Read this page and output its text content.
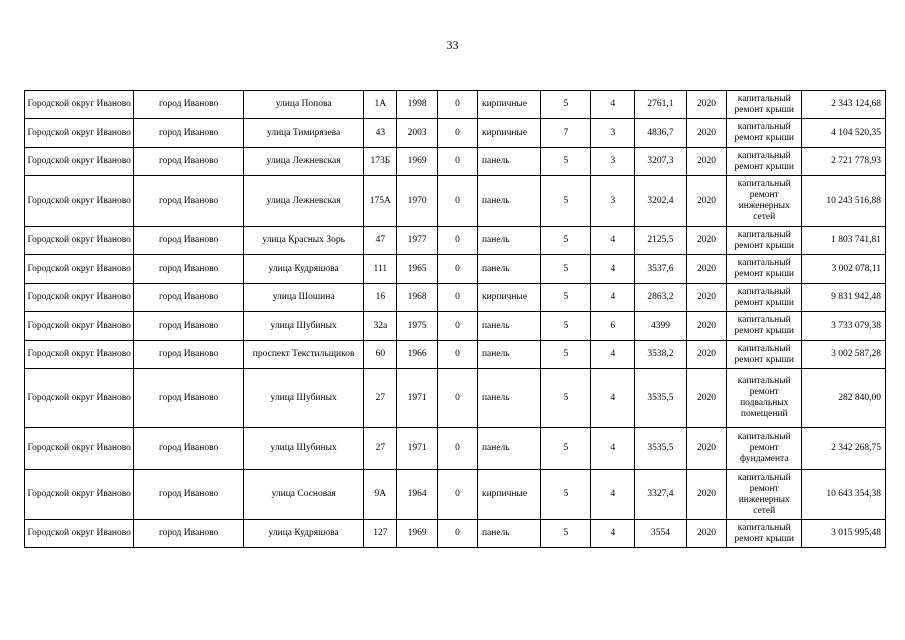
33
Городской округ Иваново	город Иваново	улица Попова	1А	1998	0	кирпичные	5	4	2761,1	2020	капитальный ремонт крыши	2 343 124,68
Городской округ Иваново	город Иваново	улица Тимирязева	43	2003	0	кирпичные	7	3	4836,7	2020	капитальный ремонт крыши	4 104 520,35
Городской округ Иваново	город Иваново	улица Лежневская	173Б	1969	0	панель	5	3	3207,3	2020	капитальный ремонт крыши	2 721 778,93
Городской округ Иваново	город Иваново	улица Лежневская	175А	1970	0	панель	5	3	3202,4	2020	капитальный ремонт инженерных сетей	10 243 516,88
Городской округ Иваново	город Иваново	улица Красных Зорь	47	1977	0	панель	5	4	2125,5	2020	капитальный ремонт крыши	1 803 741,81
Городской округ Иваново	город Иваново	улица Кудряшова	111	1965	0	панель	5	4	3537,6	2020	капитальный ремонт крыши	3 002 078,11
Городской округ Иваново	город Иваново	улица Шошина	16	1968	0	кирпичные	5	4	2863,2	2020	капитальный ремонт крыши	9 831 942,48
Городской округ Иваново	город Иваново	улица Шубиных	32а	1975	0	панель	5	6	4399	2020	капитальный ремонт крыши	3 733 079,38
Городской округ Иваново	город Иваново	проспект Текстильщиков	60	1966	0	панель	5	4	3538,2	2020	капитальный ремонт крыши	3 002 587,28
Городской округ Иваново	город Иваново	улица Шубиных	27	1971	0	панель	5	4	3535,5	2020	капитальный ремонт подвальных помещений	282 840,00
Городской округ Иваново	город Иваново	улица Шубиных	27	1971	0	панель	5	4	3535,5	2020	капитальный ремонт фундамента	2 342 268,75
Городской округ Иваново	город Иваново	улица Сосновая	9А	1964	0	кирпичные	5	4	3327,4	2020	капитальный ремонт инженерных сетей	10 643 354,38
Городской округ Иваново	город Иваново	улица Кудряшова	127	1969	0	панель	5	4	3554	2020	капитальный ремонт крыши	3 015 995,48
